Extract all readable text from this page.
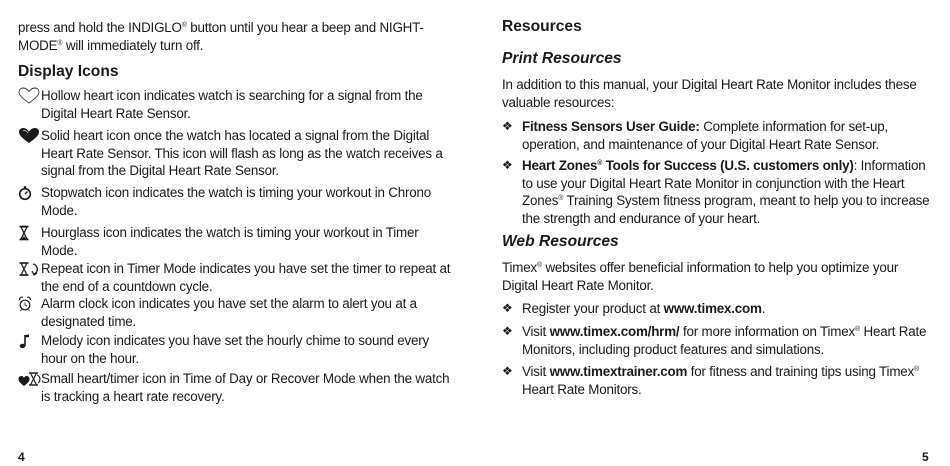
press and hold the INDIGLO® button until you hear a beep and NIGHT-MODE® will immediately turn off.
Display Icons
Hollow heart icon indicates watch is searching for a signal from the Digital Heart Rate Sensor.
Solid heart icon once the watch has located a signal from the Digital Heart Rate Sensor. This icon will flash as long as the watch receives a signal from the Digital Heart Rate Sensor.
Stopwatch icon indicates the watch is timing your workout in Chrono Mode.
Hourglass icon indicates the watch is timing your workout in Timer Mode.
Repeat icon in Timer Mode indicates you have set the timer to repeat at the end of a countdown cycle.
Alarm clock icon indicates you have set the alarm to alert you at a designated time.
Melody icon indicates you have set the hourly chime to sound every hour on the hour.
Small heart/timer icon in Time of Day or Recover Mode when the watch is tracking a heart rate recovery.
4
Resources
Print Resources
In addition to this manual, your Digital Heart Rate Monitor includes these valuable resources:
❖ Fitness Sensors User Guide: Complete information for set-up, operation, and maintenance of your Digital Heart Rate Sensor.
❖ Heart Zones® Tools for Success (U.S. customers only): Information to use your Digital Heart Rate Monitor in conjunction with the Heart Zones® Training System fitness program, meant to help you to increase the strength and endurance of your heart.
Web Resources
Timex® websites offer beneficial information to help you optimize your Digital Heart Rate Monitor.
❖ Register your product at www.timex.com.
❖ Visit www.timex.com/hrm/ for more information on Timex® Heart Rate Monitors, including product features and simulations.
❖ Visit www.timextrainer.com for fitness and training tips using Timex® Heart Rate Monitors.
5
